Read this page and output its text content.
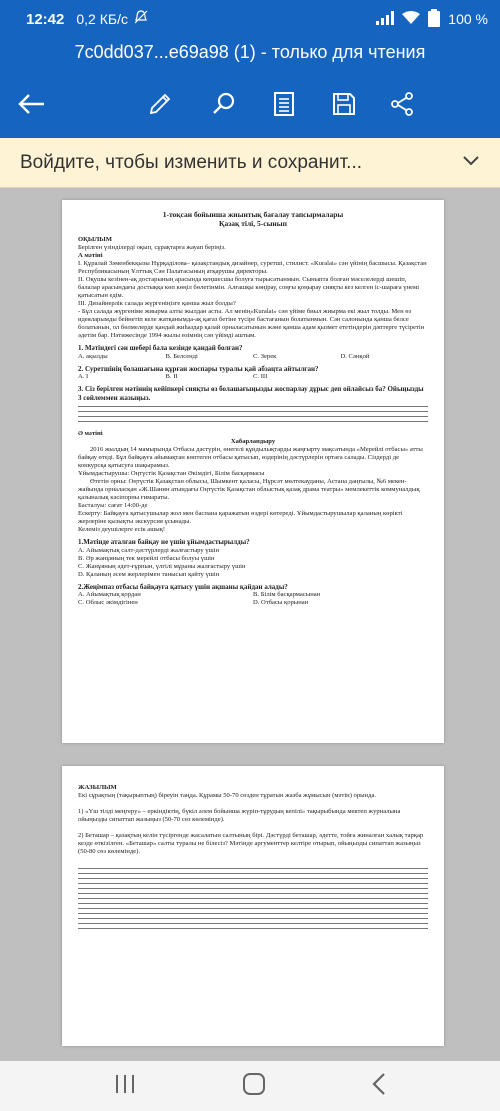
12:42 0,2 КБ/с	100 %
7c0dd037...e69a98 (1) - только для чтения
Войдите, чтобы изменить и сохранит...
1-тоқсан бойынша жиынтық бағалау тапсырмалары
Қазақ тілі, 5-сынып
ОҚЫЛЫМ
Берілген үзінділерді оқып, сұрақтарға жауап беріңіз.
А мәтіні
І. Құралай Зәменбекқызы Нұрқаділова– қазақстандық дизайнер, суретші, стилист. «Kuralai» сән үйінің басшысы. Қазақстан Республикасының Ұлттық Сән Палатасының атқарушы директоры.
ІІ. Оқушы кезінен-ақ достарының арасында кеңшесшы болуға тырысатынмын. Сыныпта болған мәселелерді шешіп, балалар арасындағы достыққа көп көңіл бөлетінмін. Алғашқы көңірау, соңғы қоңырау сияқты кез келген іс-шараға үнемі қатысатын едім.
ІІІ. Дизайнерлік салада жүргеніңізге қанша жыл болды?
- Бұл салада жүргеніме жиырма алты жылдан асты. Ал менің«Kuralai» сән үйіме биыл жиырма екі жыл толды. Мен өз идеяларымды бейнетіп келе жатқанымда-ақ қағаз бетіне түсіре бастағанын болатынмын. Сән салонында қанша белсе болатынын, ол бөлмелерде қандай жиһаздар қалай орналасатынын және қанша адам қызмет ететіндерін дәптерге түсіретін әдетім бар. Нәтижесінде 1994 жылы өзімнің сән үйімді аштым.
1. Мәтіндегі сән шебері бала кезінде қандай болған?
А. ақылды	В. Белсенді	С. Зерек	D. Сәнқой
2. Суретшінің болашағына құрған жоспары туралы қай абзацта айтылған?
А. І	В. ІІ	С. ІІІ
3. Сіз берілген мәтіннің кейіпкері сияқты өз болашағыңызды жоспарлау дұрыс деп ойлайсыз ба? Ойыңызды 3 сөйлеммен жазыңыз.
Ә мәтіні
Хабарландыру
2016 жылдың 14 мамырында Отбасы дәстүрін, өнегелі құндылықтарды жаңғырту мақсатында «Мерейлі отбасы» атты байқау өтеді. Бұл байқауға айымақтан көптеген отбасы қатысып, өздерінің дәстүрлерін ортаға салады. Сіздерді де конкурсқа қатысуға шақырамыз.
Ұйымдастырушы: Оңтүстік Қазақстан Әкімдігі, Білім басқармасы
Өтетін орны: Оңтүстік Қазақстан облысы, Шымкент қаласы, Нұрсәт мөлтекауданы, Астана даңғылы, №6 мекен-жайында орналасқан «Ж.Шанин атындағы Оңтүстік Қазақстан облыстық қазақ драма театры» мемлекеттік коммуналдық қазыналық кәсіпорны ғимараты.
Басталуы: сағат 14:00-де
Ескерту: Байқауға қатысушылар жол мен баспана қаражатын өздері көтереді. Ұйымдастырушылар қаланың көрікті жерлеріне қызықты экскурсия ұсынады.
Келеміз деушілерге есік ашық!
1.Мәтінде аталған байқау не үшін ұйымдастырылды?
А. Айымақтық салт-дәстүрлерді жалғастыру үшін
В. Әр жанұяның тек мерейлі отбасы болуы үшін
С. Жанұяның әдет-ғұрпын, үлгілі мұраны жалғастыру үшін
D. Қаланың әсем жерлерімен танысып қайту үшін
2.Жеңімпаз отбасы байқауға қатысу үшін ақшаны қайдан алады?
А. Айымақтық қордан	В. Білім басқармасынан
С. Облыс әкімдігінен	D. Отбасы қорынан
ЖАЗЫЛЫМ
Екі сұрақтың (тақырыптың) біреуін таңда. Құрамы 50-70 сөзден тұратын жазба жұмысын (мәтін) орында.
1) «Үш тілді меңгеру» – еркіндіктің, бүкіл әлем бойынша жүріп-тұрудың кепілі» тақырыбында мектеп журналына ойыңызды сипаттап жазыңыз (50-70 сөз көлемінде).
2) Беташар – қазақтың келін түсіргенде жасалатын салтының бірі. Дәстүрді беташар, әдетте, тойға жиналған халық тарқар кезде өткізілген. «Беташар» салты туралы не білесіз? Мәтінде аргументтер келтіре отырып, ойыңызды сипаттап жазыңыз (50-80 сөз көлемінде).
